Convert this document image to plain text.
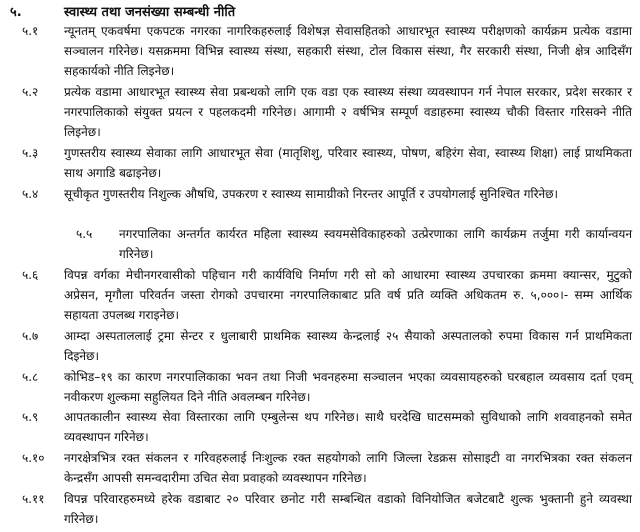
५.	स्वास्थ्य तथा जनसंख्या सम्बन्धी नीति
५.१ न्यूनतम् एकवर्षमा एकपटक नगरका नागरिकहरुलाई विशेषज्ञ सेवासहितको आधारभूत स्वास्थ्य परीक्षणको कार्यक्रम प्रत्येक वडामा सञ्चालन गरिनेछ। यसक्रममा विभिन्न स्वास्थ्य संस्था, सहकारी संस्था, टोल विकास संस्था, गैर सरकारी संस्था, निजी क्षेत्र आदिसँग सहकार्यको नीति लिइनेछ।
५.२ प्रत्येक वडामा आधारभूत स्वास्थ्य सेवा प्रबन्धको लागि एक वडा एक स्वास्थ्य संस्था व्यवस्थापन गर्न नेपाल सरकार, प्रदेश सरकार र नगरपालिकाको संयुक्त प्रयत्न र पहलकदमी गरिनेछ। आगामी २ वर्षभित्र सम्पूर्ण वडाहरुमा स्वास्थ्य चौकी विस्तार गरिसक्ने नीति लिइनेछ।
५.३ गुणस्तरीय स्वास्थ्य सेवाका लागि आधारभूत सेवा (मातृशिशु, परिवार स्वास्थ्य, पोषण, बहिरंग सेवा, स्वास्थ्य शिक्षा) लाई प्राथमिकता साथ अगाडि बढाइनेछ।
५.४ सूचीकृत गुणस्तरीय निशुल्क औषधि, उपकरण र स्वास्थ्य सामाग्रीको निरन्तर आपूर्ति र उपयोगलाई सुनिश्चित गरिनेछ।
५.५ नगरपालिका अन्तर्गत कार्यरत महिला स्वास्थ्य स्वयमसेविकाहरुको उत्प्रेरणाका लागि कार्यक्रम तर्जुमा गरी कार्यान्वयन गरिनेछ।
५.६ विपन्न वर्गका मेचीनगरवासीको पहिचान गरी कार्यविधि निर्माण गरी सो को आधारमा स्वास्थ्य उपचारका क्रममा क्यान्सर, मुटुको अप्रेसन, मृगौला परिवर्तन जस्ता रोगको उपचारमा नगरपालिकाबाट प्रति वर्ष प्रति व्यक्ति अधिकतम रु. ५,०००।- सम्म आर्थिक सहायता उपलब्ध गराइनेछ।
५.७ आम्दा अस्पताललाई ट्रमा सेन्टर र धुलाबारी प्राथमिक स्वास्थ्य केन्द्रलाई २५ सैयाको अस्पतालको रुपमा विकास गर्न प्राथमिकता दिइनेछ।
५.८ कोभिड–१९ का कारण नगरपालिकाका भवन तथा निजी भवनहरुमा सञ्चालन भएका व्यवसायहरुको घरबहाल व्यवसाय दर्ता एवम् नवीकरण शुल्कमा सहुलियत दिने नीति अवलम्बन गरिनेछ।
५.९ आपतकालीन स्वास्थ्य सेवा विस्तारका लागि एम्बुलेन्स थप गरिनेछ। साथै घरदेखि घाटसम्मको सुविधाको लागि शववाहनको समेत व्यवस्थापन गरिनेछ।
५.१० नगरक्षेत्रभित्र रक्त संकलन र गरिवहरुलाई निःशुल्क रक्त सहयोगको लागि जिल्ला रेडक्रस सोसाइटी वा नगरभित्रका रक्त संकलन केन्द्रसँग आपसी समन्वदारीमा उचित सेवा प्रवाहको व्यवस्थापन गरिनेछ।
५.११ विपन्न परिवारहरुमध्ये हरेक वडाबाट २० परिवार छनोट गरी सम्बन्धित वडाको विनियोजित बजेटबाटै शुल्क भुक्तानी हुने व्यवस्था गरिनेछ।
